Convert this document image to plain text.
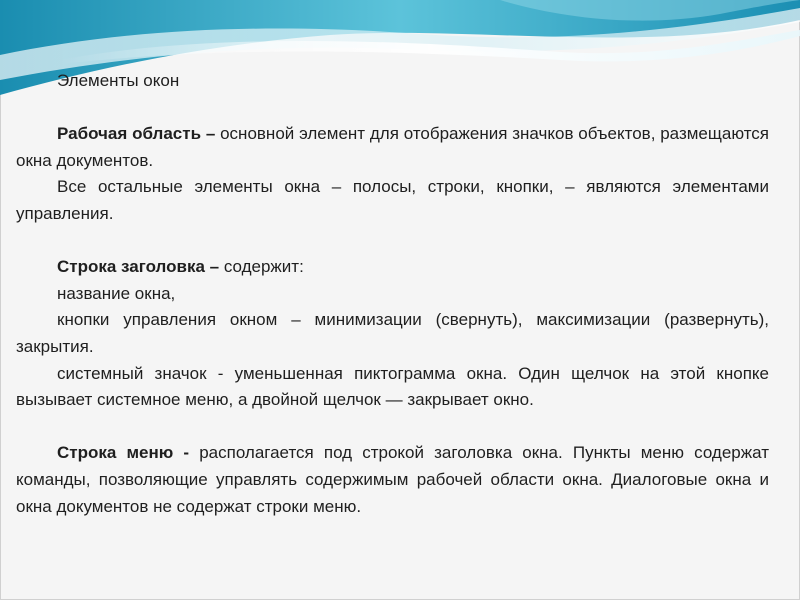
Элементы окон

Рабочая область – основной элемент для отображения значков объектов, размещаются окна документов.

Все остальные элементы окна – полосы, строки, кнопки, – являются элементами управления.

Строка заголовка – содержит:

название окна,

кнопки управления окном – минимизации (свернуть), максимизации (развернуть), закрытия.

системный значок - уменьшенная пиктограмма окна. Один щелчок на этой кнопке вызывает системное меню, а двойной щелчок — закрывает окно.

Строка меню - располагается под строкой заголовка окна. Пункты меню содержат команды, позволяющие управлять содержимым рабочей области окна. Диалоговые окна и окна документов не содержат строки меню.
